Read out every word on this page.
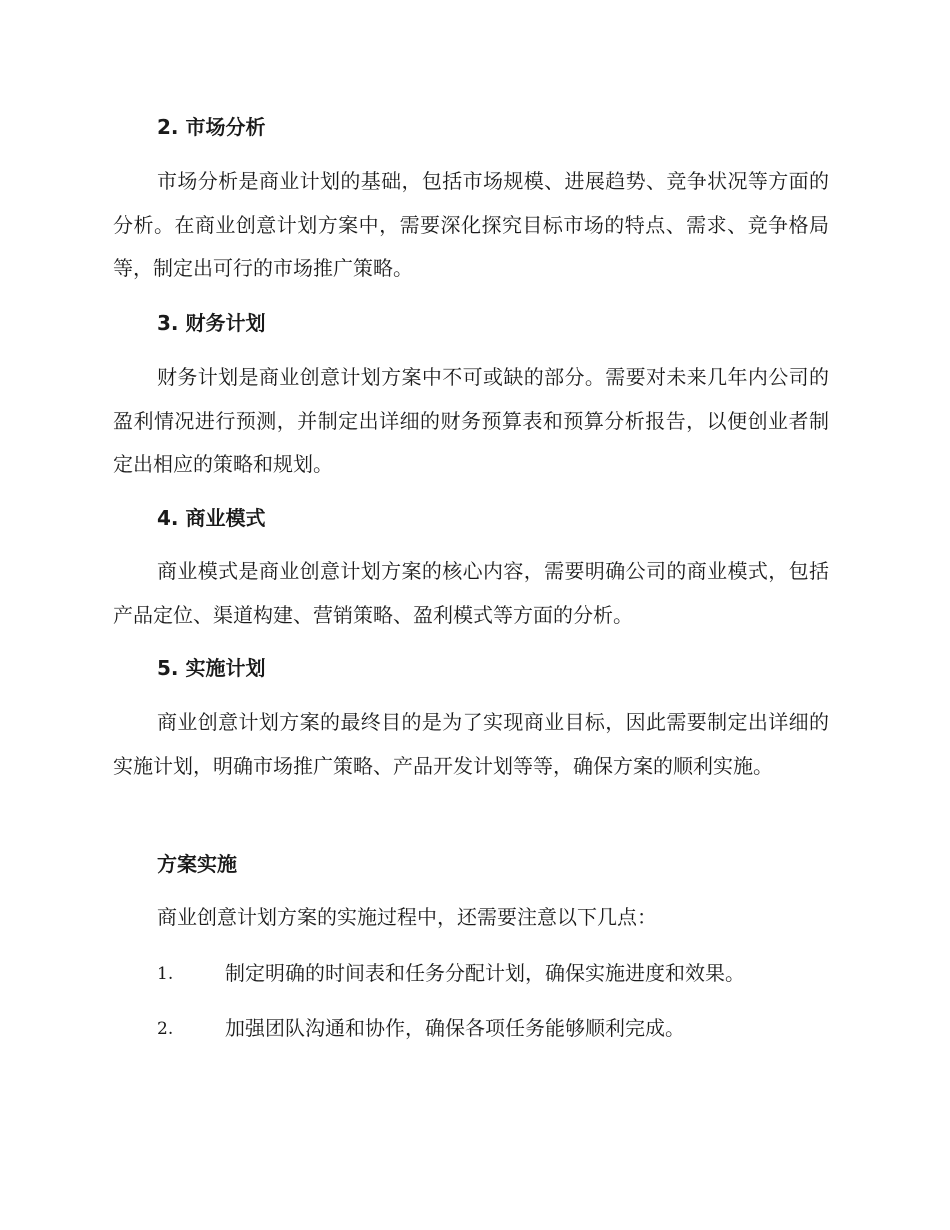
2. 市场分析

市场分析是商业计划的基础，包括市场规模、进展趋势、竞争状况等方面的分析。在商业创意计划方案中，需要深化探究目标市场的特点、需求、竞争格局等，制定出可行的市场推广策略。

3. 财务计划

财务计划是商业创意计划方案中不可或缺的部分。需要对未来几年内公司的盈利情况进行预测，并制定出详细的财务预算表和预算分析报告，以便创业者制定出相应的策略和规划。

4. 商业模式

商业模式是商业创意计划方案的核心内容，需要明确公司的商业模式，包括产品定位、渠道构建、营销策略、盈利模式等方面的分析。

5. 实施计划

商业创意计划方案的最终目的是为了实现商业目标，因此需要制定出详细的实施计划，明确市场推广策略、产品开发计划等等，确保方案的顺利实施。

方案实施

商业创意计划方案的实施过程中，还需要注意以下几点：

1.	制定明确的时间表和任务分配计划，确保实施进度和效果。
2.	加强团队沟通和协作，确保各项任务能够顺利完成。
